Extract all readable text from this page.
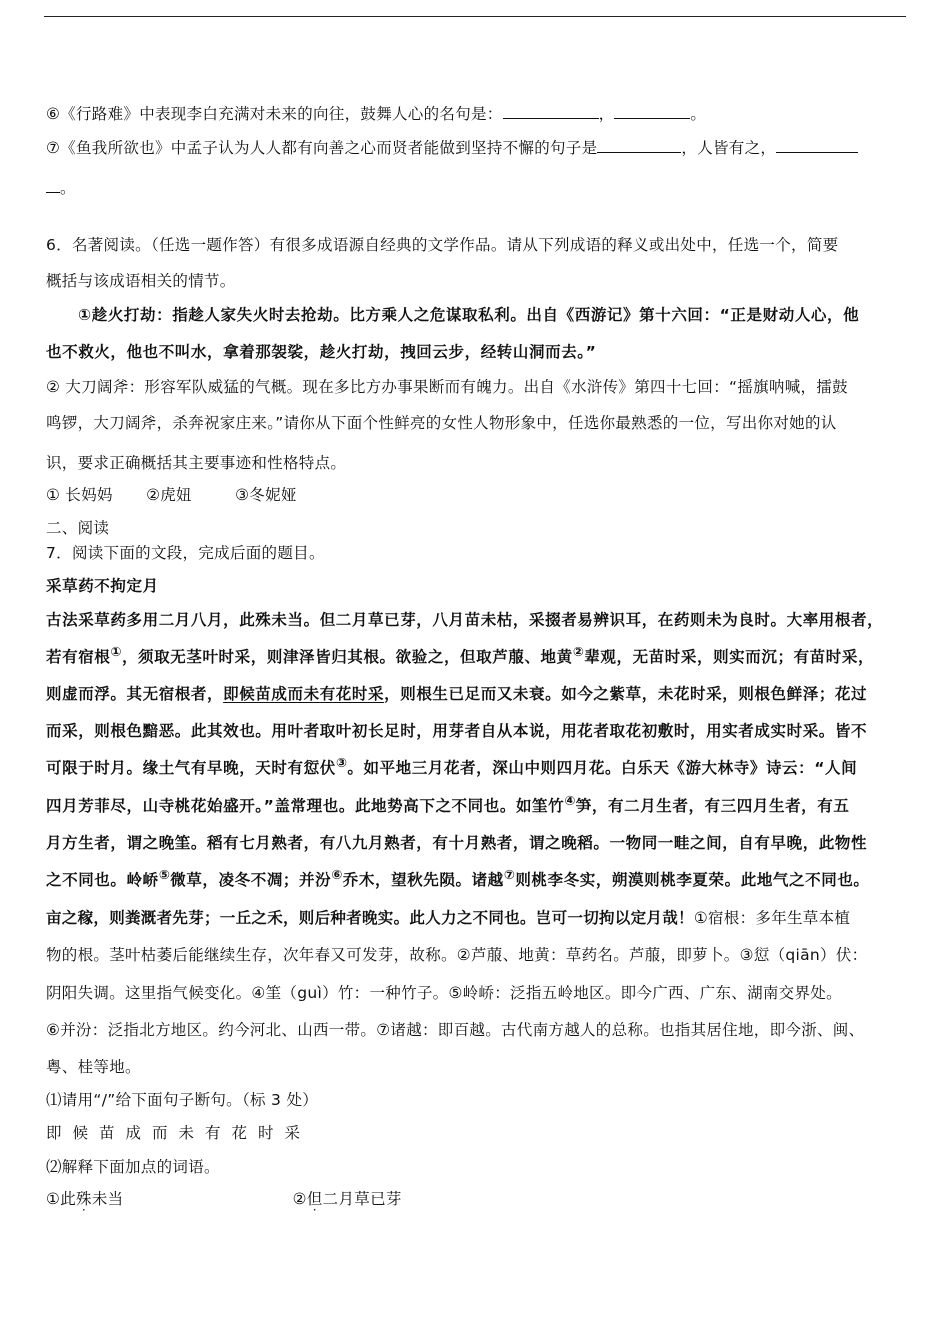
⑥《行路难》中表现李白充满对未来的向往，鼓舞人心的名句是：	，	。
⑦《鱼我所欲也》中孟子认为人人都有向善之心而贤者能做到坚持不懈的句子是	，人皆有之，
。
6．名著阅读。（任选一题作答）有很多成语源自经典的文学作品。请从下列成语的释义或出处中，任选一个，简要
概括与该成语相关的情节。
①趁火打劫：指趁人家失火时去抢劫。比方乘人之危谋取私利。出自《西游记》第十六回：“正是财动人心，他
也不救火，他也不叫水，拿着那袈裟，趁火打劫，拽回云步，经转山洞而去。”
② 大刀阔斧：形容军队威猛的气概。现在多比方办事果断而有魄力。出自《水浒传》第四十七回：“摇旗呐喊，擂鼓
鸣锣，大刀阔斧，杀奔祝家庄来。”请你从下面个性鲜亮的女性人物形象中，任选你最熟悉的一位，写出你对她的认
识，要求正确概括其主要事迹和性格特点。
① 长妈妈 ②虎妞	③冬妮娅
二、阅读
7．阅读下面的文段，完成后面的题目。
采草药不拘定月
古法采草药多用二月八月，此殊未当。但二月草已芽，八月苗未枯，采掇者易辨识耳，在药则未为良时。大率用根者，
若有宿根①，须取无茎叶时采，则津泽皆归其根。欲验之，但取芦菔、地黄②辈观，无苗时采，则实而沉；有苗时采，
则虚而浮。其无宿根者，即候苗成而未有花时采，则根生已足而又未衰。如今之紫草，未花时采，则根色鲜泽；花过
而采，则根色黯恶。此其效也。用叶者取叶初长足时，用芽者自从本说，用花者取花初敷时，用实者成实时采。皆不
可限于时月。缘土气有早晚，天时有愆伏③。如平地三月花者，深山中则四月花。白乐天《游大林寺》诗云：“人间
四月芳菲尽，山寺桃花始盛开。”盖常理也。此地势高下之不同也。如筀竹④笋，有二月生者，有三四月生者，有五
月方生者，谓之晚筀。稻有七月熟者，有八九月熟者，有十月熟者，谓之晚稻。一物同一畦之间，自有早晚，此物性
之不同也。岭峤⑤微草，凌冬不凋；并汾⑥乔木，望秋先陨。诸越⑦则桃李冬实，朔漠则桃李夏荣。此地气之不同也。
亩之稼，则粪溉者先芽；一丘之禾，则后种者晚实。此人力之不同也。岂可一切拘以定月哉！①宿根：多年生草本植
物的根。茎叶枯萎后能继续生存，次年春又可发芽，故称。②芦菔、地黄：草药名。芦菔，即萝卜。③愆（qiān）伏：
阴阳失调。这里指气候变化。④筀（guì）竹：一种竹子。⑤岭峤：泛指五岭地区。即今广西、广东、湖南交界处。
⑥并汾：泛指北方地区。约今河北、山西一带。⑦诸越：即百越。古代南方越人的总称。也指其居住地，即今浙、闽、
粤、桂等地。
⑴请用“/”给下面句子断句。（标 3 处）
即候苗成而未有花时采
⑵解释下面加点的词语。
①此殊未当	②但二月草已芽
